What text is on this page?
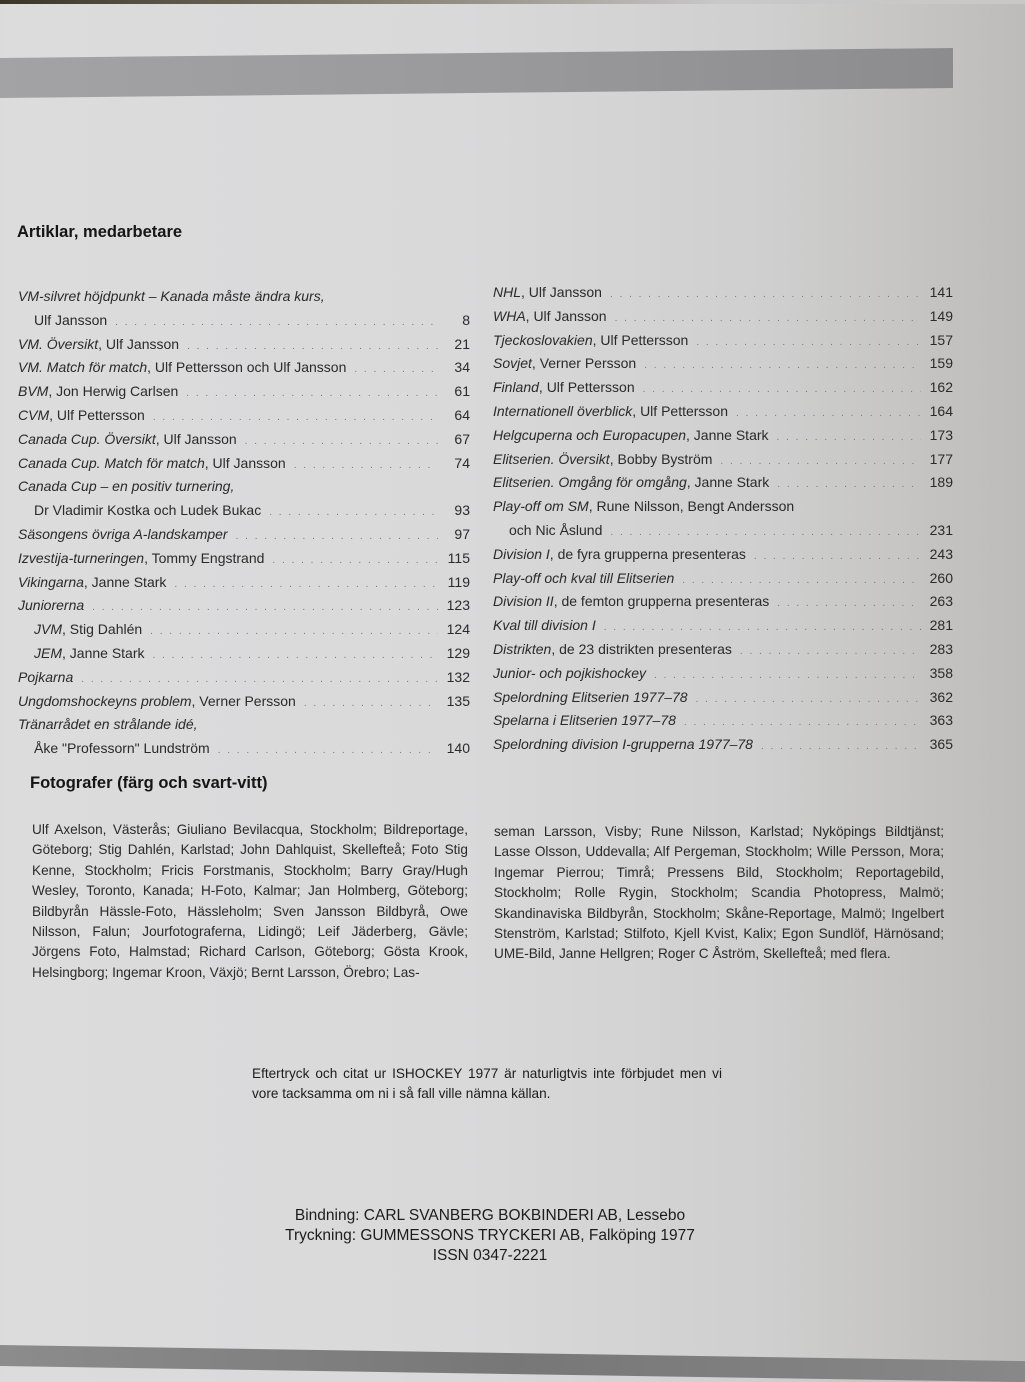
Artiklar, medarbetare
VM-silvret höjdpunkt – Kanada måste ändra kurs,
Ulf Jansson . . .	8
VM. Översikt, Ulf Jansson . . .	21
VM. Match för match, Ulf Pettersson och Ulf Jansson . . .	34
BVM, Jon Herwig Carlsen . . .	61
CVM, Ulf Pettersson . . .	64
Canada Cup. Översikt, Ulf Jansson . . .	67
Canada Cup. Match för match, Ulf Jansson . . .	74
Canada Cup – en positiv turnering,
Dr Vladimir Kostka och Ludek Bukac . . .	93
Säsongens övriga A-landskamper . . .	97
Izvestija-turneringen, Tommy Engstrand . . .	115
Vikingarna, Janne Stark . . .	119
Juniorerna . . .	123
JVM, Stig Dahlén . . .	124
JEM, Janne Stark . . .	129
Pojkarna . . .	132
Ungdomshockeyns problem, Verner Persson . . .	135
Tränarrådet en strålande idé,
Åke "Professorn" Lundström . . .	140
NHL, Ulf Jansson . . .	141
WHA, Ulf Jansson . . .	149
Tjeckoslovakien, Ulf Pettersson . . .	157
Sovjet, Verner Persson . . .	159
Finland, Ulf Pettersson . . .	162
Internationell överblick, Ulf Pettersson . . .	164
Helgcuperna och Europacupen, Janne Stark . . .	173
Elitserien. Översikt, Bobby Byström . . .	177
Elitserien. Omgång för omgång, Janne Stark . . .	189
Play-off om SM, Rune Nilsson, Bengt Andersson
och Nic Åslund . . .	231
Division I, de fyra grupperna presenteras . . .	243
Play-off och kval till Elitserien . . .	260
Division II, de femton grupperna presenteras . . .	263
Kval till division I . . .	281
Distrikten, de 23 distrikten presenteras . . .	283
Junior- och pojkishockey . . .	358
Spelordning Elitserien 1977–78 . . .	362
Spelarna i Elitserien 1977–78 . . .	363
Spelordning division I-grupperna 1977–78 . . .	365
Fotografer (färg och svart-vitt)
Ulf Axelson, Västerås; Giuliano Bevilacqua, Stockholm; Bildreportage, Göteborg; Stig Dahlén, Karlstad; John Dahlquist, Skellefteå; Foto Stig Kenne, Stockholm; Fricis Forstmanis, Stockholm; Barry Gray/Hugh Wesley, Toronto, Kanada; H-Foto, Kalmar; Jan Holmberg, Göteborg; Bildbyrån Hässle-Foto, Hässleholm; Sven Jansson Bildbyrå, Owe Nilsson, Falun; Jourfotograferna, Lidingö; Leif Jäderberg, Gävle; Jörgens Foto, Halmstad; Richard Carlson, Göteborg; Gösta Krook, Helsingborg; Ingemar Kroon, Växjö; Bernt Larsson, Örebro; Las-
seman Larsson, Visby; Rune Nilsson, Karlstad; Nyköpings Bildtjänst; Lasse Olsson, Uddevalla; Alf Pergeman, Stockholm; Wille Persson, Mora; Ingemar Pierrou; Timrå; Pressens Bild, Stockholm; Reportagebild, Stockholm; Rolle Rygin, Stockholm; Scandia Photopress, Malmö; Skandinaviska Bildbyrån, Stockholm; Skåne-Reportage, Malmö; Ingelbert Stenström, Karlstad; Stilfoto, Kjell Kvist, Kalix; Egon Sundlöf, Härnösand; UME-Bild, Janne Hellgren; Roger C Åström, Skellefteå; med flera.
Eftertryck och citat ur ISHOCKEY 1977 är naturligtvis inte förbjudet men vi vore tacksamma om ni i så fall ville nämna källan.
Bindning: CARL SVANBERG BOKBINDERI AB, Lessebo
Tryckning: GUMMESSONS TRYCKERI AB, Falköping 1977
ISSN 0347-2221
